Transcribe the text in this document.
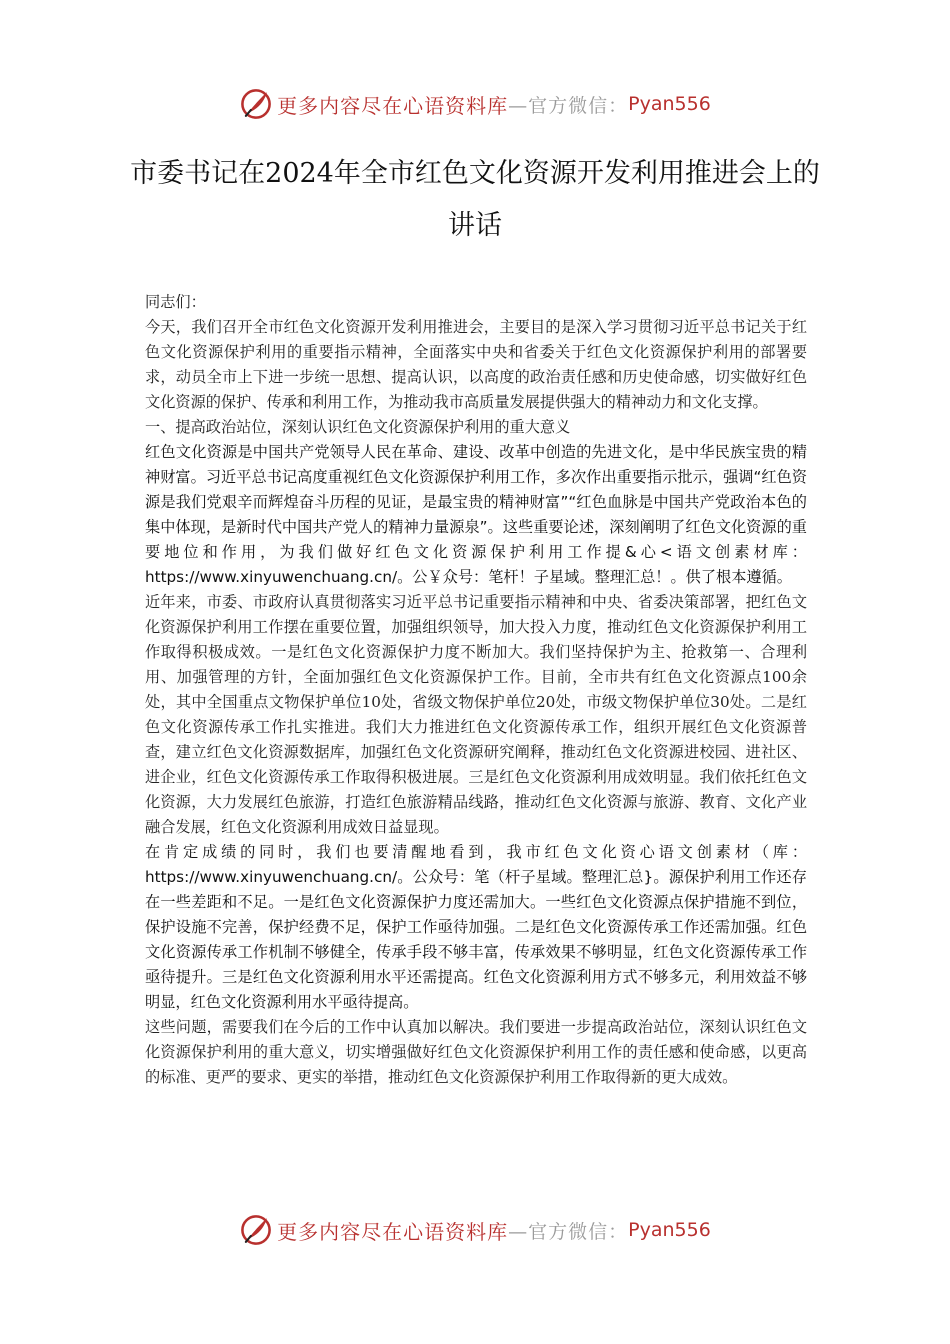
更多内容尽在心语资料库 —官方微信： Pyan556
市委书记在2024年全市红色文化资源开发利用推进会上的讲话

同志们：

今天，我们召开全市红色文化资源开发利用推进会，主要目的是深入学习贯彻习近平总书记关于红色文化资源保护利用的重要指示精神，全面落实中央和省委关于红色文化资源保护利用的部署要求，动员全市上下进一步统一思想、提高认识，以高度的政治责任感和历史使命感，切实做好红色文化资源的保护、传承和利用工作，为推动我市高质量发展提供强大的精神动力和文化支撑。

一、提高政治站位，深刻认识红色文化资源保护利用的重大意义

红色文化资源是中国共产党领导人民在革命、建设、改革中创造的先进文化，是中华民族宝贵的精神财富。习近平总书记高度重视红色文化资源保护利用工作，多次作出重要指示批示，强调“红色资源是我们党艰辛而辉煌奋斗历程的见证，是最宝贵的精神财富”“红色血脉是中国共产党政治本色的集中体现，是新时代中国共产党人的精神力量源泉”。这些重要论述，深刻阐明了红色文化资源的重要地位和作用，为我们做好红色文化资源保护利用工作提&心<语文创素材库：https://www.xinyuwenchuang.cn/。公￥众号：笔杆！子星域。整理汇总！。供了根本遵循。

近年来，市委、市政府认真贯彻落实习近平总书记重要指示精神和中央、省委决策部署，把红色文化资源保护利用工作摆在重要位置，加强组织领导，加大投入力度，推动红色文化资源保护利用工作取得积极成效。一是红色文化资源保护力度不断加大。我们坚持保护为主、抢救第一、合理利用、加强管理的方针，全面加强红色文化资源保护工作。目前，全市共有红色文化资源点100余处，其中全国重点文物保护单位10处，省级文物保护单位20处，市级文物保护单位30处。二是红色文化资源传承工作扎实推进。我们大力推进红色文化资源传承工作，组织开展红色文化资源普查，建立红色文化资源数据库，加强红色文化资源研究阐释，推动红色文化资源进校园、进社区、进企业，红色文化资源传承工作取得积极进展。三是红色文化资源利用成效明显。我们依托红色文化资源，大力发展红色旅游，打造红色旅游精品线路，推动红色文化资源与旅游、教育、文化产业融合发展，红色文化资源利用成效日益显现。

在肯定成绩的同时，我们也要清醒地看到，我市红色文化资心语文创素材（库：https://www.xinyuwenchuang.cn/。公众号：笔（杆子星域。整理汇总}。源保护利用工作还存在一些差距和不足。一是红色文化资源保护力度还需加大。一些红色文化资源点保护措施不到位，保护设施不完善，保护经费不足，保护工作亟待加强。二是红色文化资源传承工作还需加强。红色文化资源传承工作机制不够健全，传承手段不够丰富，传承效果不够明显，红色文化资源传承工作亟待提升。三是红色文化资源利用水平还需提高。红色文化资源利用方式不够多元，利用效益不够明显，红色文化资源利用水平亟待提高。

这些问题，需要我们在今后的工作中认真加以解决。我们要进一步提高政治站位，深刻认识红色文化资源保护利用的重大意义，切实增强做好红色文化资源保护利用工作的责任感和使命感，以更高的标准、更严的要求、更实的举措，推动红色文化资源保护利用工作取得新的更大成效。

更多内容尽在心语资料库 —官方微信： Pyan556
